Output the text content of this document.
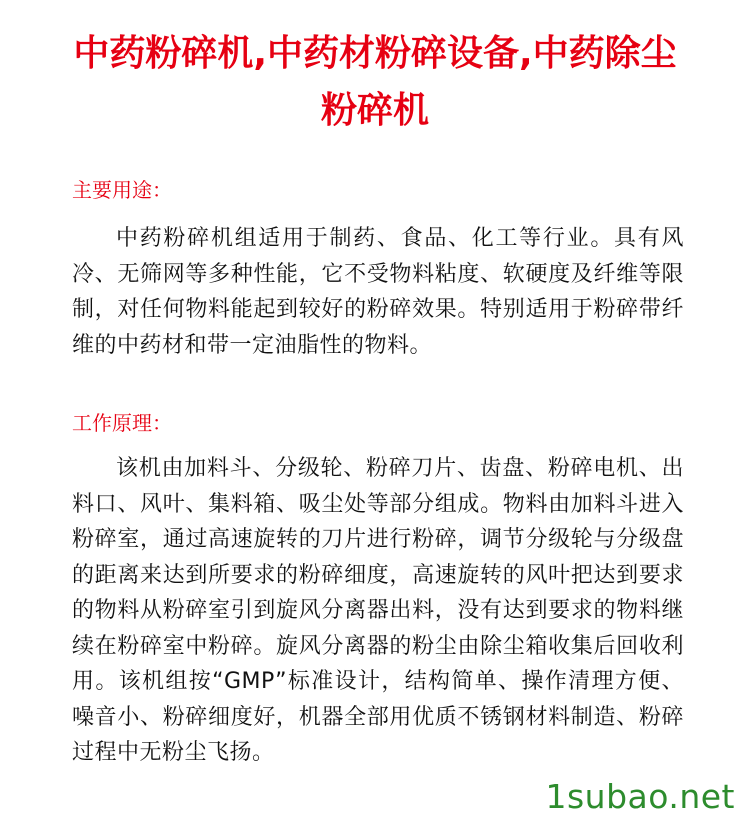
中药粉碎机,中药材粉碎设备,中药除尘粉碎机
主要用途：

中药粉碎机组适用于制药、食品、化工等行业。具有风冷、无筛网等多种性能，它不受物料粘度、软硬度及纤维等限制，对任何物料能起到较好的粉碎效果。特别适用于粉碎带纤维的中药材和带一定油脂性的物料。

工作原理：

该机由加料斗、分级轮、粉碎刀片、齿盘、粉碎电机、出料口、风叶、集料箱、吸尘处等部分组成。物料由加料斗进入粉碎室，通过高速旋转的刀片进行粉碎，调节分级轮与分级盘的距离来达到所要求的粉碎细度，高速旋转的风叶把达到要求的物料从粉碎室引到旋风分离器出料，没有达到要求的物料继续在粉碎室中粉碎。旋风分离器的粉尘由除尘箱收集后回收利用。该机组按“GMP”标准设计，结构简单、操作清理方便、噪音小、粉碎细度好，机器全部用优质不锈钢材料制造、粉碎过程中无粉尘飞扬。

1subao.net
